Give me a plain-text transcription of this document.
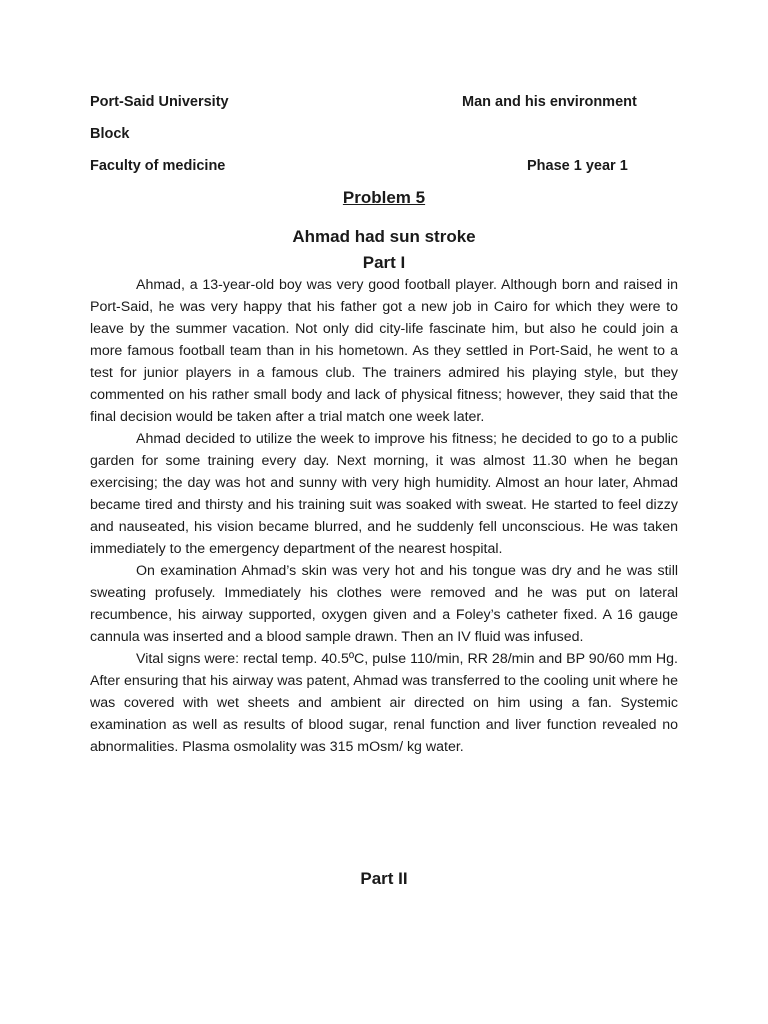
Port-Said University	Man and his environment
Block
Faculty of medicine	Phase 1 year 1
Problem 5
Ahmad had sun stroke
Part I

Ahmad, a 13-year-old boy was very good football player. Although born and raised in Port-Said, he was very happy that his father got a new job in Cairo for which they were to leave by the summer vacation. Not only did city-life fascinate him, but also he could join a more famous football team than in his hometown. As they settled in Port-Said, he went to a test for junior players in a famous club. The trainers admired his playing style, but they commented on his rather small body and lack of physical fitness; however, they said that the final decision would be taken after a trial match one week later.

Ahmad decided to utilize the week to improve his fitness; he decided to go to a public garden for some training every day. Next morning, it was almost 11.30 when he began exercising; the day was hot and sunny with very high humidity. Almost an hour later, Ahmad became tired and thirsty and his training suit was soaked with sweat. He started to feel dizzy and nauseated, his vision became blurred, and he suddenly fell unconscious. He was taken immediately to the emergency department of the nearest hospital.

On examination Ahmad’s skin was very hot and his tongue was dry and he was still sweating profusely. Immediately his clothes were removed and he was put on lateral recumbence, his airway supported, oxygen given and a Foley’s catheter fixed. A 16 gauge cannula was inserted and a blood sample drawn. Then an IV fluid was infused.

Vital signs were: rectal temp. 40.5ºC, pulse 110/min, RR 28/min and BP 90/60 mm Hg. After ensuring that his airway was patent, Ahmad was transferred to the cooling unit where he was covered with wet sheets and ambient air directed on him using a fan. Systemic examination as well as results of blood sugar, renal function and liver function revealed no abnormalities. Plasma osmolality was 315 mOsm/ kg water.

Part II
